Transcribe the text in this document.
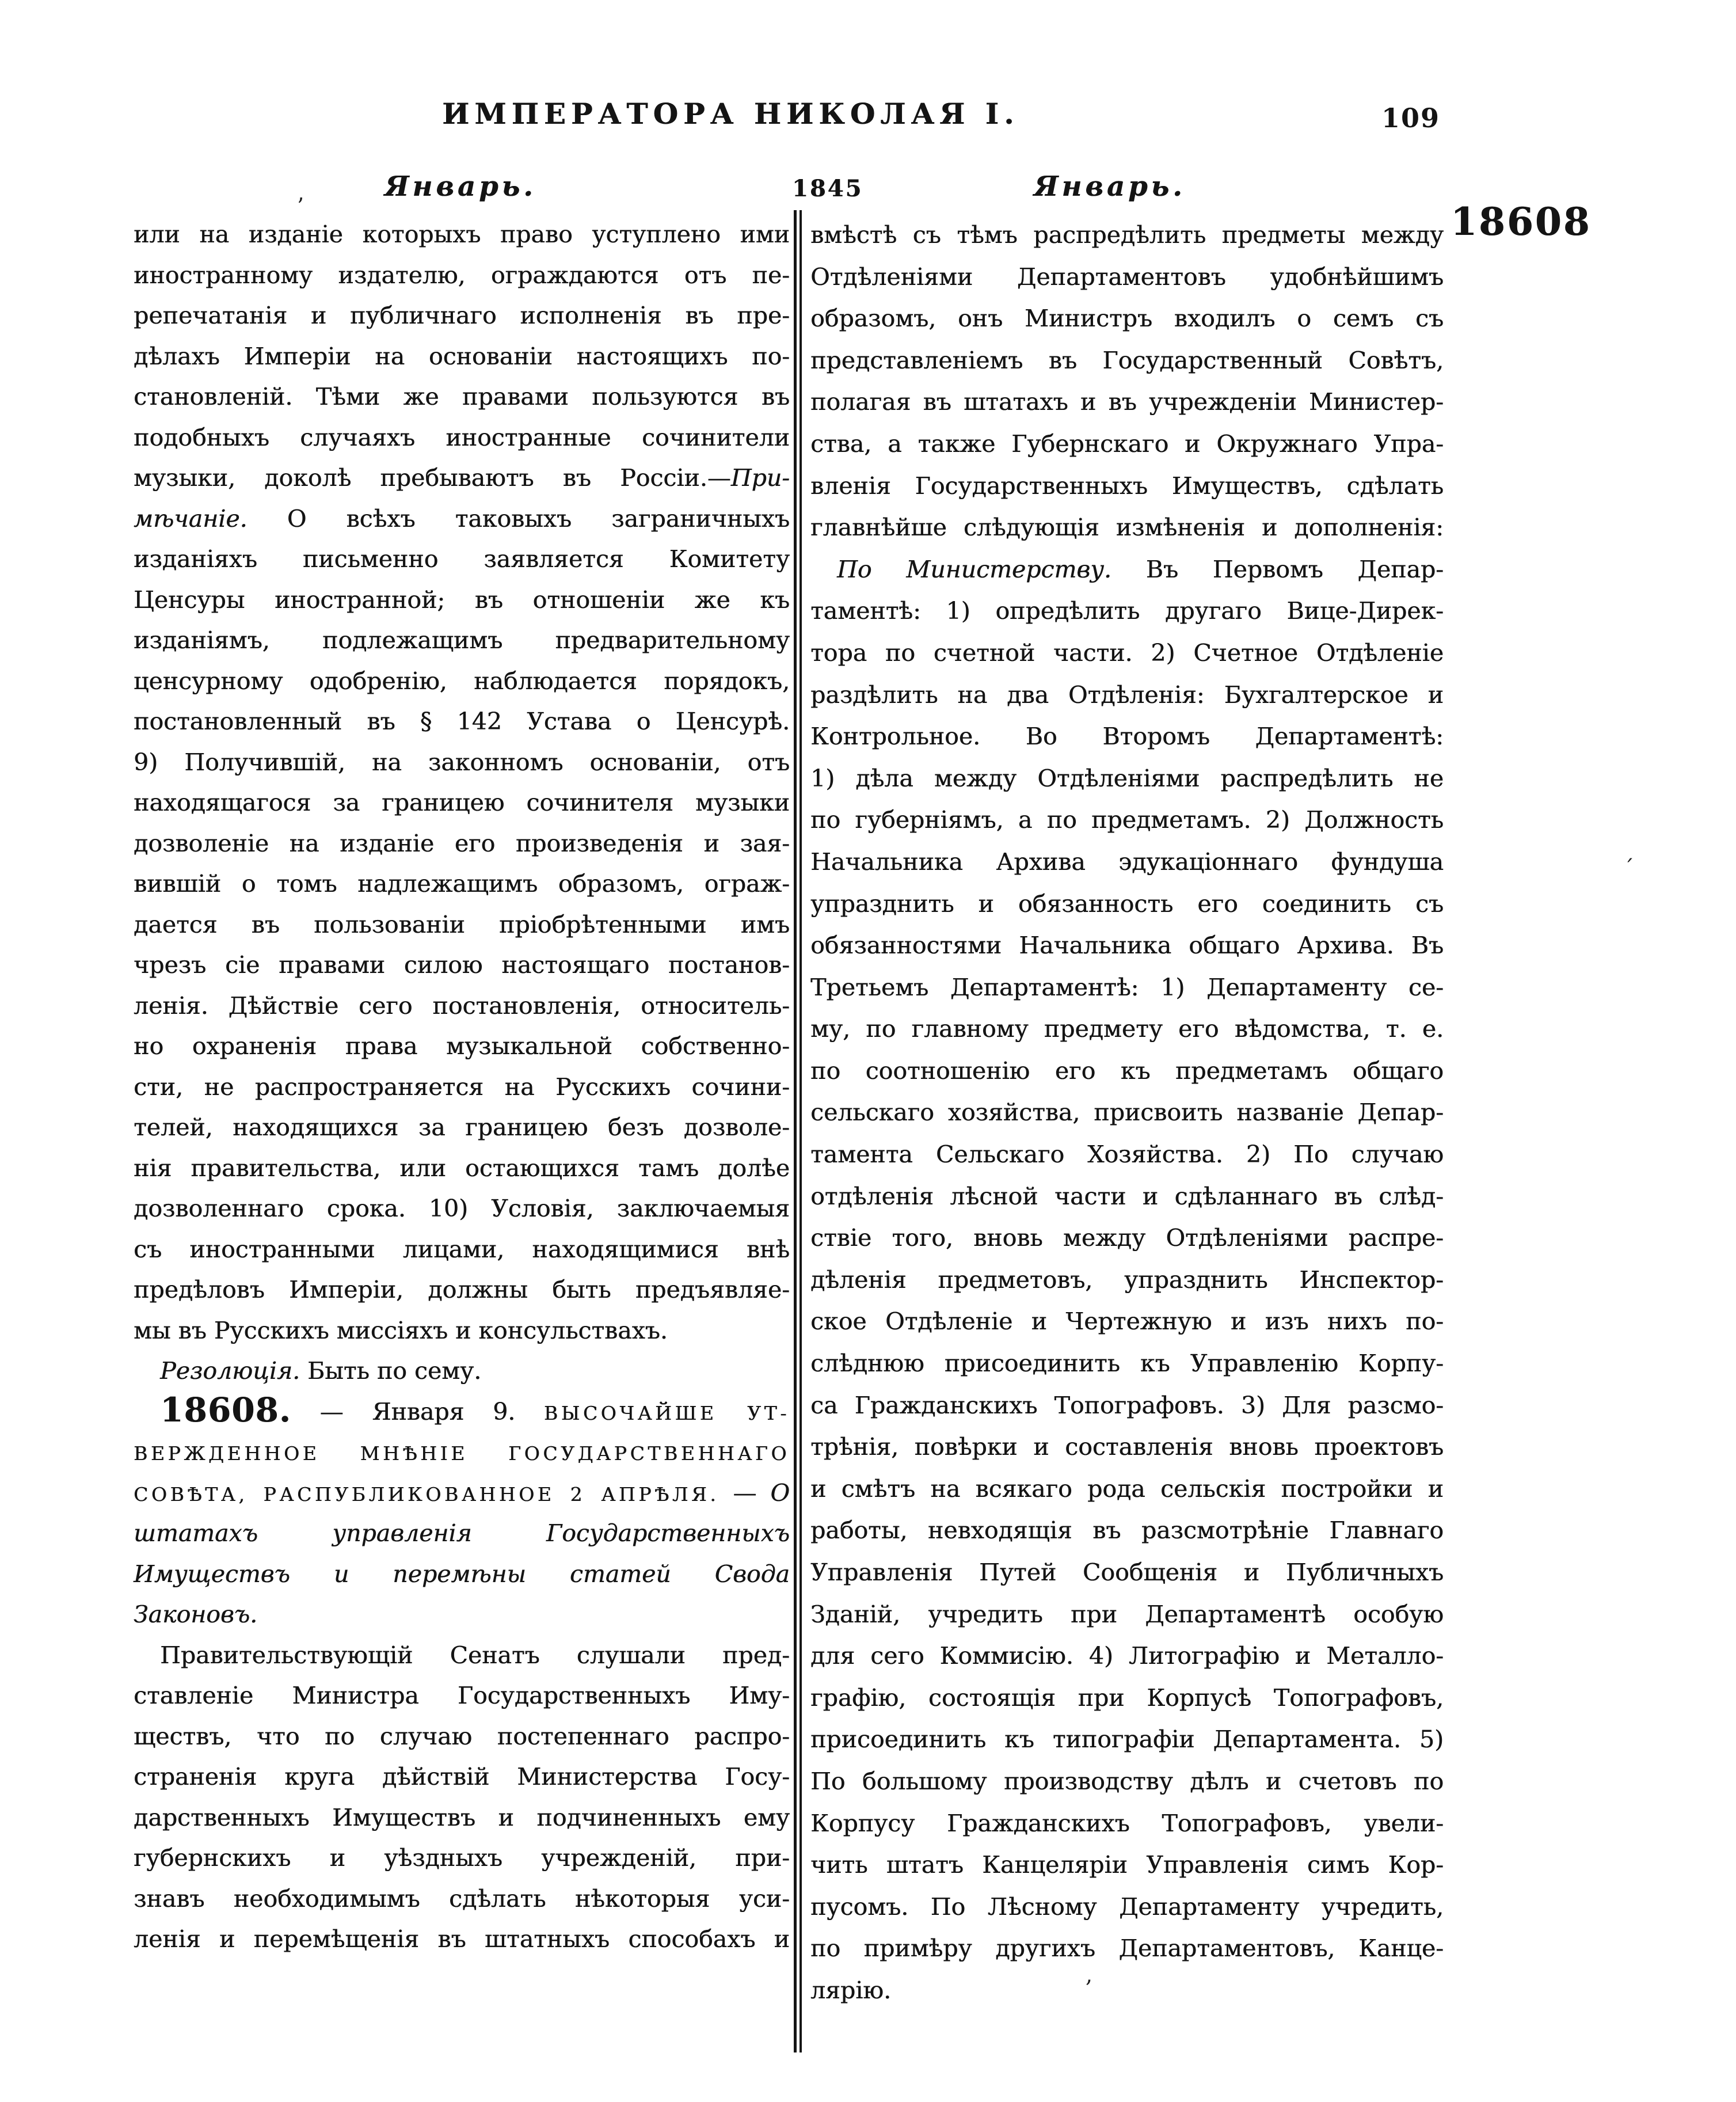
ИМПЕРАТОРА НИКОЛАЯ I.	109
Январь.	1845	Январь.
18608
или на изданіе которыхъ право уступлено ими
иностранному издателю, ограждаются отъ пе-
репечатанія и публичнаго исполненія въ пре-
дѣлахъ Имперіи на основаніи настоящихъ по-
становленій. Тѣми же правами пользуются въ
подобныхъ случаяхъ иностранные сочинители
музыки, доколѣ пребываютъ въ Россіи.—При-
мѣчаніе. О всѣхъ таковыхъ заграничныхъ
изданіяхъ письменно заявляется Комитету
Ценсуры иностранной; въ отношеніи же къ
изданіямъ, подлежащимъ предварительному
ценсурному одобренію, наблюдается порядокъ,
постановленный въ § 142 Устава о Ценсурѣ.
9) Получившій, на законномъ основаніи, отъ
находящагося за границею сочинителя музыки
дозволеніе на изданіе его произведенія и зая-
вившій о томъ надлежащимъ образомъ, ограж-
дается въ пользованіи пріобрѣтенными имъ
чрезъ сіе правами силою настоящаго постанов-
ленія. Дѣйствіе сего постановленія, относитель-
но охраненія права музыкальной собственно-
сти, не распространяется на Русскихъ сочини-
телей, находящихся за границею безъ дозволе-
нія правительства, или остающихся тамъ долѣе
дозволеннаго срока. 10) Условія, заключаемыя
съ иностранными лицами, находящимися внѣ
предѣловъ Имперіи, должны быть предъявляе-
мы въ Русскихъ миссіяхъ и консульствахъ.
Резолюція. Быть по сему.
18608. — Января 9. ВЫСОЧАЙШЕ УТ-
ВЕРЖДЕННОЕ МНѢНІЕ ГОСУДАРСТВЕННАГО
СОВѢТА, РАСПУБЛИКОВАННОЕ 2 АПРѢЛЯ. — О
штатахъ управленія Государственныхъ
Имуществъ и перемѣны статей Свода
Законовъ.
Правительствующій Сенатъ слушали пред-
ставленіе Министра Государственныхъ Иму-
ществъ, что по случаю постепеннаго распро-
страненія круга дѣйствій Министерства Госу-
дарственныхъ Имуществъ и подчиненныхъ ему
губернскихъ и уѣздныхъ учрежденій, при-
знавъ необходимымъ сдѣлать нѣкоторыя уси-
ленія и перемѣщенія въ штатныхъ способахъ и
вмѣстѣ съ тѣмъ распредѣлить предметы между
Отдѣленіями Департаментовъ удобнѣйшимъ
образомъ, онъ Министръ входилъ о семъ съ
представленіемъ въ Государственный Совѣтъ,
полагая въ штатахъ и въ учрежденіи Министер-
ства, а также Губернскаго и Окружнаго Упра-
вленія Государственныхъ Имуществъ, сдѣлать
главнѣйше слѣдующія измѣненія и дополненія:
По Министерству. Въ Первомъ Депар-
таментѣ: 1) опредѣлить другаго Вице-Дирек-
тора по счетной части. 2) Счетное Отдѣленіе
раздѣлить на два Отдѣленія: Бухгалтерское и
Контрольное. Во Второмъ Департаментѣ:
1) дѣла между Отдѣленіями распредѣлить не
по губерніямъ, а по предметамъ. 2) Должность
Начальника Архива эдукаціоннаго фундуша
упразднить и обязанность его соединить съ
обязанностями Начальника общаго Архива. Въ
Третьемъ Департаментѣ: 1) Департаменту се-
му, по главному предмету его вѣдомства, т. е.
по соотношенію его къ предметамъ общаго
сельскаго хозяйства, присвоить названіе Депар-
тамента Сельскаго Хозяйства. 2) По случаю
отдѣленія лѣсной части и сдѣланнаго въ слѣд-
ствіе того, вновь между Отдѣленіями распре-
дѣленія предметовъ, упразднить Инспектор-
ское Отдѣленіе и Чертежную и изъ нихъ по-
слѣднюю присоединить къ Управленію Корпу-
са Гражданскихъ Топографовъ. 3) Для разсмо-
трѣнія, повѣрки и составленія вновь проектовъ
и смѣтъ на всякаго рода сельскія постройки и
работы, невходящія въ разсмотрѣніе Главнаго
Управленія Путей Сообщенія и Публичныхъ
Зданій, учредить при Департаментѣ особую
для сего Коммисію. 4) Литографію и Металло-
графію, состоящія при Корпусѣ Топографовъ,
присоединить къ типографіи Департамента. 5)
По большому производству дѣлъ и счетовъ по
Корпусу Гражданскихъ Топографовъ, увели-
чить штатъ Канцеляріи Управленія симъ Кор-
пусомъ. По Лѣсному Департаменту учредить,
по примѣру другихъ Департаментовъ, Канце-
лярію.
’
ˊ
,
